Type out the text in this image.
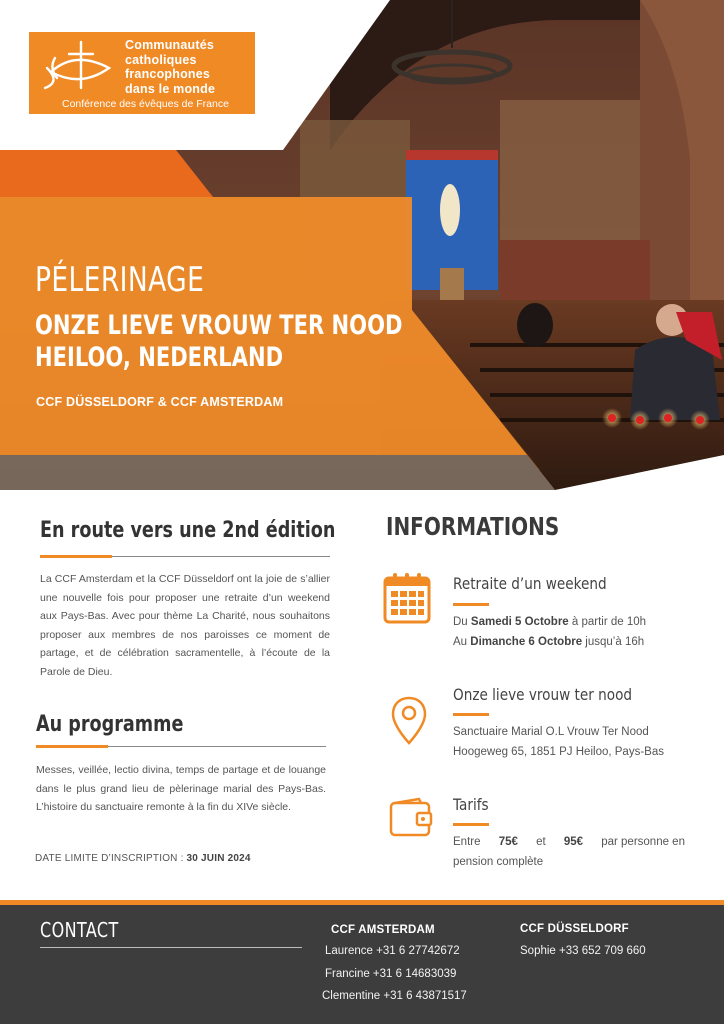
Communautés
catholiques
francophones
dans le monde
Conférence des évêques de France
PÉLERINAGE
ONZE LIEVE VROUW TER NOOD
HEILOO, NEDERLAND
CCF DÜSSELDORF & CCF AMSTERDAM
En route vers une 2nd édition
La CCF Amsterdam et la CCF Düsseldorf ont la joie de s’allier une nouvelle fois pour proposer une retraite d’un weekend aux Pays-Bas. Avec pour thème La Charité, nous souhaitons proposer aux membres de nos paroisses ce moment de partage, et de célébration sacramentelle, à l’écoute de la Parole de Dieu.
Au programme
Messes, veillée, lectio divina, temps de partage et de louange dans le plus grand lieu de pèlerinage marial des Pays-Bas. L’histoire du sanctuaire remonte à la fin du XIVe siècle.
DATE LIMITE D’INSCRIPTION : 30 JUIN 2024
INFORMATIONS
Retraite d’un weekend
Du Samedi 5 Octobre à partir de 10h
Au Dimanche 6 Octobre jusqu’à 16h
Onze lieve vrouw ter nood
Sanctuaire Marial O.L Vrouw Ter Nood
Hoogeweg 65, 1851 PJ Heiloo, Pays-Bas
Tarifs
Entre 75€ et 95€ par personne en
pension complète
CONTACT	CCF AMSTERDAM
Laurence +31 6 27742672
Francine +31 6 14683039
Clementine +31 6 43871517
CCF DÜSSELDORF
Sophie +33 652 709 660
